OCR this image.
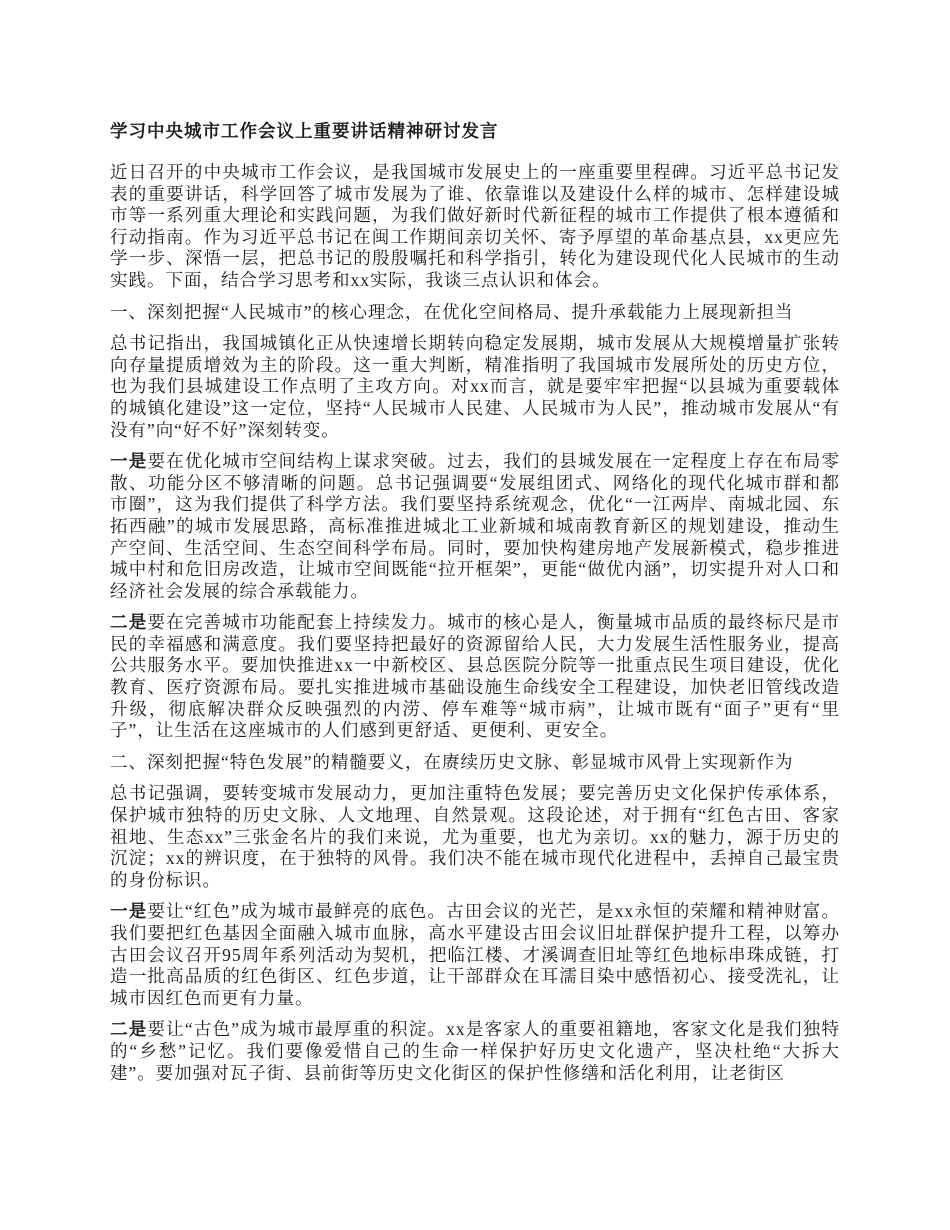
学习中央城市工作会议上重要讲话精神研讨发言

近日召开的中央城市工作会议，是我国城市发展史上的一座重要里程碑。习近平总书记发表的重要讲话，科学回答了城市发展为了谁、依靠谁以及建设什么样的城市、怎样建设城市等一系列重大理论和实践问题，为我们做好新时代新征程的城市工作提供了根本遵循和行动指南。作为习近平总书记在闽工作期间亲切关怀、寄予厚望的革命基点县，xx更应先学一步、深悟一层，把总书记的殷殷嘱托和科学指引，转化为建设现代化人民城市的生动实践。下面，结合学习思考和xx实际，我谈三点认识和体会。

一、深刻把握“人民城市”的核心理念，在优化空间格局、提升承载能力上展现新担当

总书记指出，我国城镇化正从快速增长期转向稳定发展期，城市发展从大规模增量扩张转向存量提质增效为主的阶段。这一重大判断，精准指明了我国城市发展所处的历史方位，也为我们县城建设工作点明了主攻方向。对xx而言，就是要牢牢把握“以县城为重要载体的城镇化建设”这一定位，坚持“人民城市人民建、人民城市为人民”，推动城市发展从“有没有”向“好不好”深刻转变。

一是要在优化城市空间结构上谋求突破。过去，我们的县城发展在一定程度上存在布局零散、功能分区不够清晰的问题。总书记强调要“发展组团式、网络化的现代化城市群和都市圈”，这为我们提供了科学方法。我们要坚持系统观念，优化“一江两岸、南城北园、东拓西融”的城市发展思路，高标准推进城北工业新城和城南教育新区的规划建设，推动生产空间、生活空间、生态空间科学布局。同时，要加快构建房地产发展新模式，稳步推进城中村和危旧房改造，让城市空间既能“拉开框架”，更能“做优内涵”，切实提升对人口和经济社会发展的综合承载能力。

二是要在完善城市功能配套上持续发力。城市的核心是人，衡量城市品质的最终标尺是市民的幸福感和满意度。我们要坚持把最好的资源留给人民，大力发展生活性服务业，提高公共服务水平。要加快推进xx一中新校区、县总医院分院等一批重点民生项目建设，优化教育、医疗资源布局。要扎实推进城市基础设施生命线安全工程建设，加快老旧管线改造升级，彻底解决群众反映强烈的内涝、停车难等“城市病”，让城市既有“面子”更有“里子”，让生活在这座城市的人们感到更舒适、更便利、更安全。

二、深刻把握“特色发展”的精髓要义，在赓续历史文脉、彰显城市风骨上实现新作为

总书记强调，要转变城市发展动力，更加注重特色发展；要完善历史文化保护传承体系，保护城市独特的历史文脉、人文地理、自然景观。这段论述，对于拥有“红色古田、客家祖地、生态xx”三张金名片的我们来说，尤为重要，也尤为亲切。xx的魅力，源于历史的沉淀；xx的辨识度，在于独特的风骨。我们决不能在城市现代化进程中，丢掉自己最宝贵的身份标识。

一是要让“红色”成为城市最鲜亮的底色。古田会议的光芒，是xx永恒的荣耀和精神财富。我们要把红色基因全面融入城市血脉，高水平建设古田会议旧址群保护提升工程，以筹办古田会议召开95周年系列活动为契机，把临江楼、才溪调查旧址等红色地标串珠成链，打造一批高品质的红色街区、红色步道，让干部群众在耳濡目染中感悟初心、接受洗礼，让城市因红色而更有力量。

二是要让“古色”成为城市最厚重的积淀。xx是客家人的重要祖籍地，客家文化是我们独特的“乡愁”记忆。我们要像爱惜自己的生命一样保护好历史文化遗产，坚决杜绝“大拆大建”。要加强对瓦子街、县前街等历史文化街区的保护性修缮和活化利用，让老街区
